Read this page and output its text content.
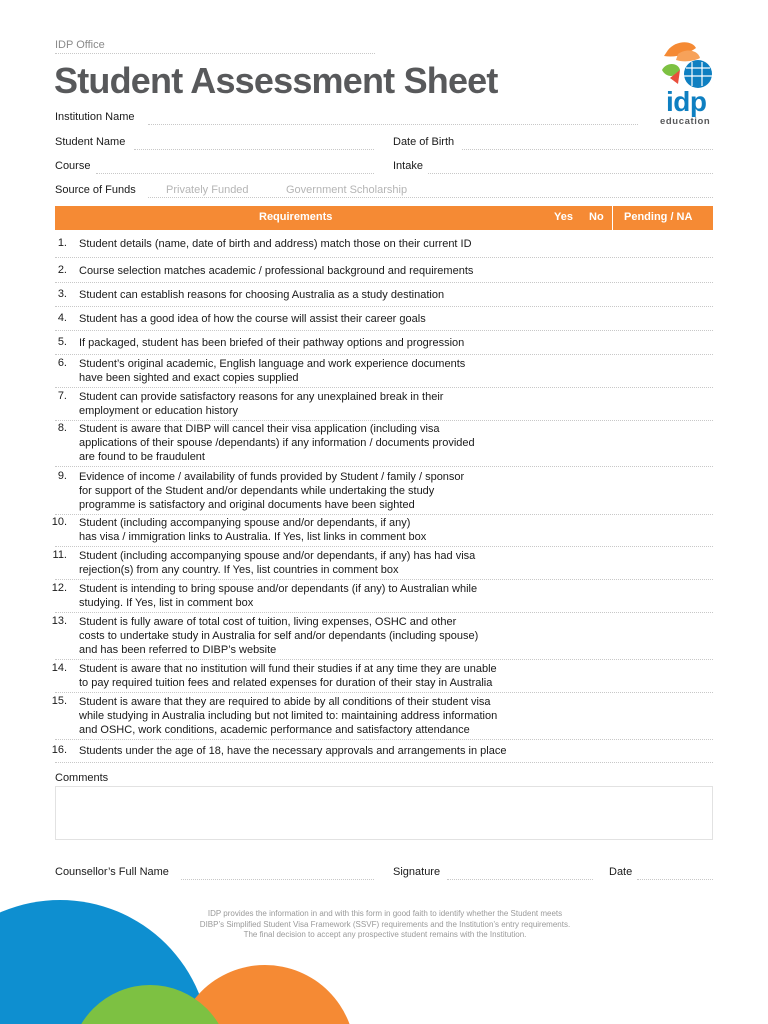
IDP Office
Student Assessment Sheet
idp
education
Institution Name
Student Name	Date of Birth
Course	Intake
Source of Funds	Privately Funded	Government Scholarship
Requirements	Yes No Pending / NA
1. Student details (name, date of birth and address) match those on their current ID
2. Course selection matches academic / professional background and requirements
3. Student can establish reasons for choosing Australia as a study destination
4. Student has a good idea of how the course will assist their career goals
5. If packaged, student has been briefed of their pathway options and progression
6. Student’s original academic, English language and work experience documents
have been sighted and exact copies supplied
7. Student can provide satisfactory reasons for any unexplained break in their
employment or education history
8. Student is aware that DIBP will cancel their visa application (including visa
applications of their spouse /dependants) if any information / documents provided
are found to be fraudulent
9. Evidence of income / availability of funds provided by Student / family / sponsor
for support of the Student and/or dependants while undertaking the study
programme is satisfactory and original documents have been sighted
10. Student (including accompanying spouse and/or dependants, if any)
has visa / immigration links to Australia. If Yes, list links in comment box
11. Student (including accompanying spouse and/or dependants, if any) has had visa
rejection(s) from any country. If Yes, list countries in comment box
12. Student is intending to bring spouse and/or dependants (if any) to Australian while
studying. If Yes, list in comment box
13. Student is fully aware of total cost of tuition, living expenses, OSHC and other
costs to undertake study in Australia for self and/or dependants (including spouse)
and has been referred to DIBP’s website
14. Student is aware that no institution will fund their studies if at any time they are unable
to pay required tuition fees and related expenses for duration of their stay in Australia
15. Student is aware that they are required to abide by all conditions of their student visa
while studying in Australia including but not limited to: maintaining address information
and OSHC, work conditions, academic performance and satisfactory attendance
16. Students under the age of 18, have the necessary approvals and arrangements in place
Comments
Counsellor’s Full Name	Signature	Date
IDP provides the information in and with this form in good faith to identify whether the Student meets
DIBP’s Simplified Student Visa Framework (SSVF) requirements and the Institution’s entry requirements.
The final decision to accept any prospective student remains with the Institution.
